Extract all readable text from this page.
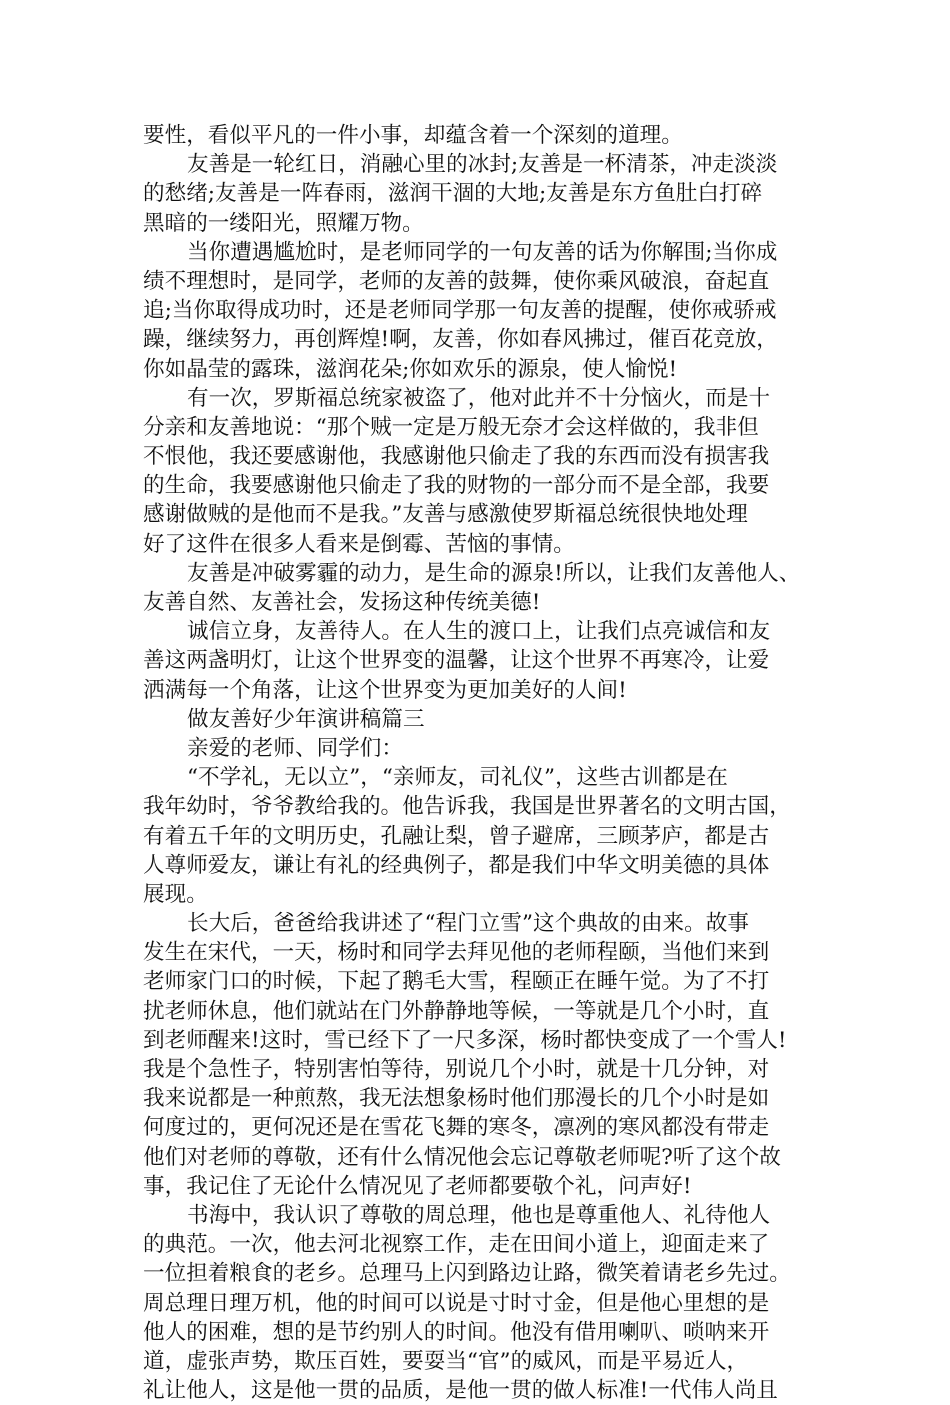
要性，看似平凡的一件小事，却蕴含着一个深刻的道理。
友善是一轮红日，消融心里的冰封;友善是一杯清茶，冲走淡淡
的愁绪;友善是一阵春雨，滋润干涸的大地;友善是东方鱼肚白打碎
黑暗的一缕阳光，照耀万物。
当你遭遇尴尬时，是老师同学的一句友善的话为你解围;当你成
绩不理想时，是同学，老师的友善的鼓舞，使你乘风破浪，奋起直
追;当你取得成功时，还是老师同学那一句友善的提醒，使你戒骄戒
躁，继续努力，再创辉煌!啊，友善，你如春风拂过，催百花竞放，
你如晶莹的露珠，滋润花朵;你如欢乐的源泉，使人愉悦!
有一次，罗斯福总统家被盗了，他对此并不十分恼火，而是十
分亲和友善地说：“那个贼一定是万般无奈才会这样做的，我非但
不恨他，我还要感谢他，我感谢他只偷走了我的东西而没有损害我
的生命，我要感谢他只偷走了我的财物的一部分而不是全部，我要
感谢做贼的是他而不是我。”友善与感激使罗斯福总统很快地处理
好了这件在很多人看来是倒霉、苦恼的事情。
友善是冲破雾霾的动力，是生命的源泉!所以，让我们友善他人、
友善自然、友善社会，发扬这种传统美德!
诚信立身，友善待人。在人生的渡口上，让我们点亮诚信和友
善这两盏明灯，让这个世界变的温馨，让这个世界不再寒冷，让爱
洒满每一个角落，让这个世界变为更加美好的人间!
做友善好少年演讲稿篇三
亲爱的老师、同学们：
“不学礼，无以立”，“亲师友，司礼仪”，这些古训都是在
我年幼时，爷爷教给我的。他告诉我，我国是世界著名的文明古国，
有着五千年的文明历史，孔融让梨，曾子避席，三顾茅庐，都是古
人尊师爱友，谦让有礼的经典例子，都是我们中华文明美德的具体
展现。
长大后，爸爸给我讲述了“程门立雪”这个典故的由来。故事
发生在宋代，一天，杨时和同学去拜见他的老师程颐，当他们来到
老师家门口的时候，下起了鹅毛大雪，程颐正在睡午觉。为了不打
扰老师休息，他们就站在门外静静地等候，一等就是几个小时，直
到老师醒来!这时，雪已经下了一尺多深，杨时都快变成了一个雪人!
我是个急性子，特别害怕等待，别说几个小时，就是十几分钟，对
我来说都是一种煎熬，我无法想象杨时他们那漫长的几个小时是如
何度过的，更何况还是在雪花飞舞的寒冬，凛冽的寒风都没有带走
他们对老师的尊敬，还有什么情况他会忘记尊敬老师呢?听了这个故
事，我记住了无论什么情况见了老师都要敬个礼，问声好!
书海中，我认识了尊敬的周总理，他也是尊重他人、礼待他人
的典范。一次，他去河北视察工作，走在田间小道上，迎面走来了
一位担着粮食的老乡。总理马上闪到路边让路，微笑着请老乡先过。
周总理日理万机，他的时间可以说是寸时寸金，但是他心里想的是
他人的困难，想的是节约别人的时间。他没有借用喇叭、唢呐来开
道，虚张声势，欺压百姓，要耍当“官”的威风，而是平易近人，
礼让他人，这是他一贯的品质，是他一贯的做人标准!一代伟人尚且
